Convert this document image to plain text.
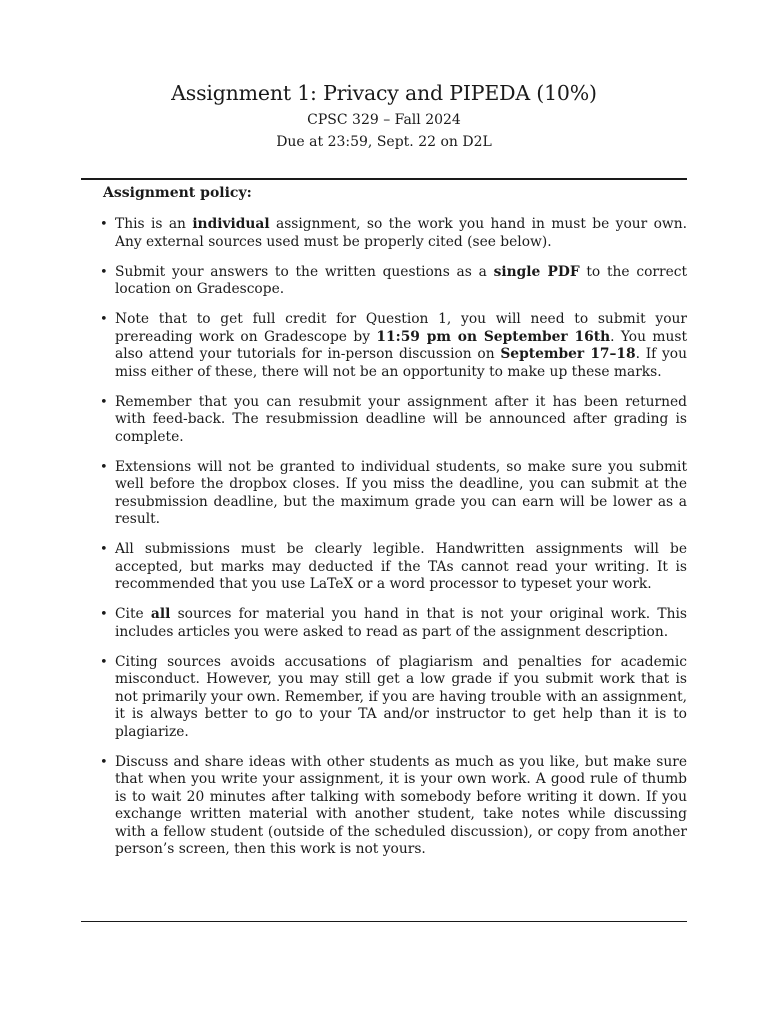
Assignment 1: Privacy and PIPEDA (10%)

CPSC 329 – Fall 2024

Due at 23:59, Sept. 22 on D2L

Assignment policy:

• This is an individual assignment, so the work you hand in must be your own. Any external sources used must be properly cited (see below).
• Submit your answers to the written questions as a single PDF to the correct location on Gradescope.
• Note that to get full credit for Question 1, you will need to submit your prereading work on Gradescope by 11:59 pm on September 16th. You must also attend your tutorials for in-person discussion on September 17–18. If you miss either of these, there will not be an opportunity to make up these marks.
• Remember that you can resubmit your assignment after it has been returned with feed-back. The resubmission deadline will be announced after grading is complete.
• Extensions will not be granted to individual students, so make sure you submit well before the dropbox closes. If you miss the deadline, you can submit at the resubmission deadline, but the maximum grade you can earn will be lower as a result.
• All submissions must be clearly legible. Handwritten assignments will be accepted, but marks may deducted if the TAs cannot read your writing. It is recommended that you use LaTeX or a word processor to typeset your work.
• Cite all sources for material you hand in that is not your original work. This includes articles you were asked to read as part of the assignment description.
• Citing sources avoids accusations of plagiarism and penalties for academic misconduct. However, you may still get a low grade if you submit work that is not primarily your own. Remember, if you are having trouble with an assignment, it is always better to go to your TA and/or instructor to get help than it is to plagiarize.
• Discuss and share ideas with other students as much as you like, but make sure that when you write your assignment, it is your own work. A good rule of thumb is to wait 20 minutes after talking with somebody before writing it down. If you exchange written material with another student, take notes while discussing with a fellow student (outside of the scheduled discussion), or copy from another person’s screen, then this work is not yours.
